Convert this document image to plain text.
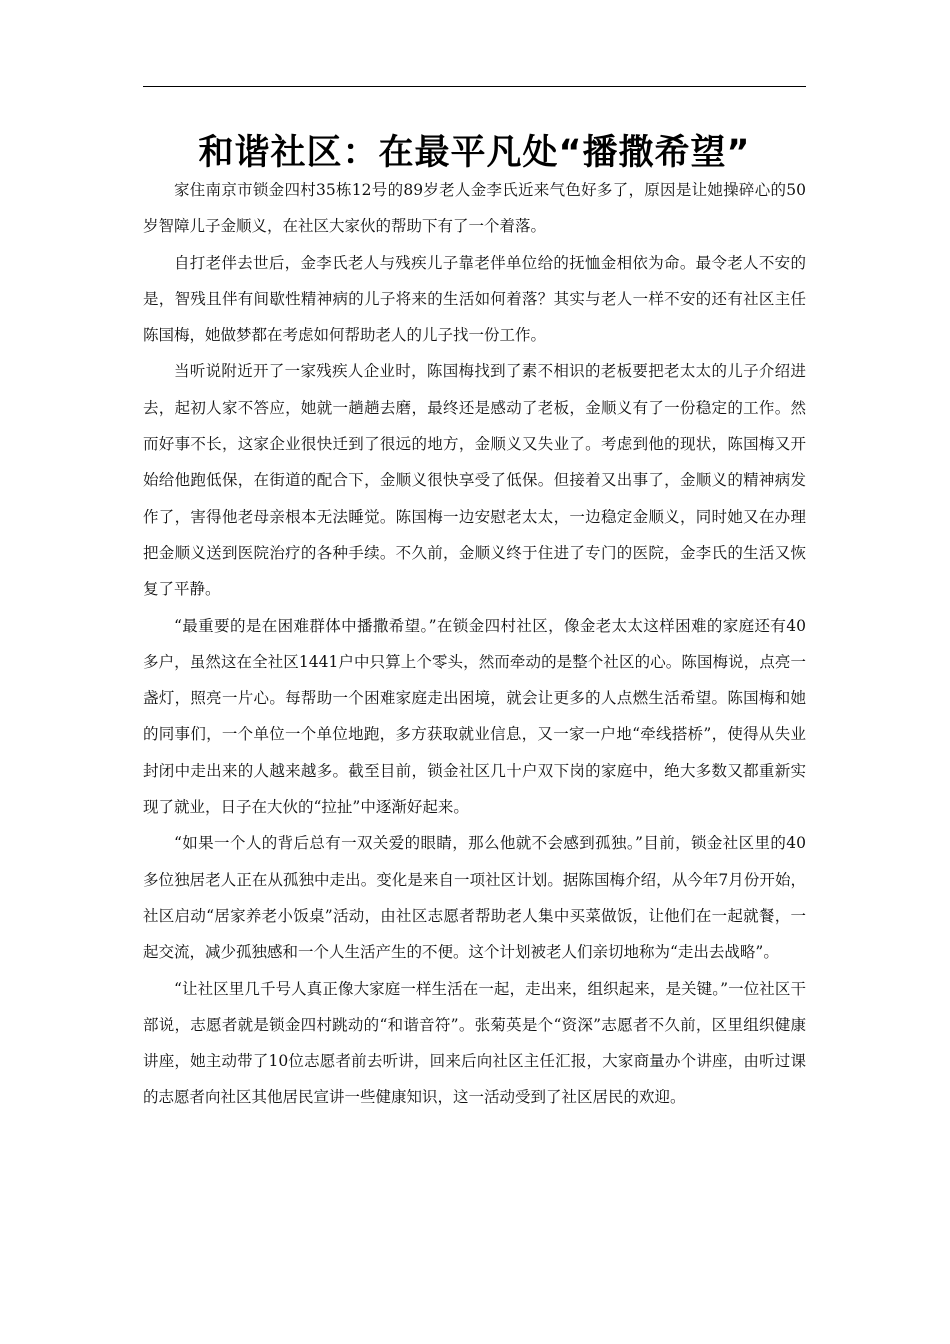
和谐社区：在最平凡处“播撒希望”

家住南京市锁金四村35栋12号的89岁老人金李氏近来气色好多了，原因是让她操碎心的50岁智障儿子金顺义，在社区大家伙的帮助下有了一个着落。

自打老伴去世后，金李氏老人与残疾儿子靠老伴单位给的抚恤金相依为命。最令老人不安的是，智残且伴有间歇性精神病的儿子将来的生活如何着落？其实与老人一样不安的还有社区主任陈国梅，她做梦都在考虑如何帮助老人的儿子找一份工作。

当听说附近开了一家残疾人企业时，陈国梅找到了素不相识的老板要把老太太的儿子介绍进去，起初人家不答应，她就一趟趟去磨，最终还是感动了老板，金顺义有了一份稳定的工作。然而好事不长，这家企业很快迁到了很远的地方，金顺义又失业了。考虑到他的现状，陈国梅又开始给他跑低保，在街道的配合下，金顺义很快享受了低保。但接着又出事了，金顺义的精神病发作了，害得他老母亲根本无法睡觉。陈国梅一边安慰老太太，一边稳定金顺义，同时她又在办理把金顺义送到医院治疗的各种手续。不久前，金顺义终于住进了专门的医院，金李氏的生活又恢复了平静。

“最重要的是在困难群体中播撒希望。”在锁金四村社区，像金老太太这样困难的家庭还有40多户，虽然这在全社区1441户中只算上个零头，然而牵动的是整个社区的心。陈国梅说，点亮一盏灯，照亮一片心。每帮助一个困难家庭走出困境，就会让更多的人点燃生活希望。陈国梅和她的同事们，一个单位一个单位地跑，多方获取就业信息，又一家一户地“牵线搭桥”，使得从失业封闭中走出来的人越来越多。截至目前，锁金社区几十户双下岗的家庭中，绝大多数又都重新实现了就业，日子在大伙的“拉扯”中逐渐好起来。

“如果一个人的背后总有一双关爱的眼睛，那么他就不会感到孤独。”目前，锁金社区里的40多位独居老人正在从孤独中走出。变化是来自一项社区计划。据陈国梅介绍，从今年7月份开始，社区启动“居家养老小饭桌”活动，由社区志愿者帮助老人集中买菜做饭，让他们在一起就餐，一起交流，减少孤独感和一个人生活产生的不便。这个计划被老人们亲切地称为“走出去战略”。

“让社区里几千号人真正像大家庭一样生活在一起，走出来，组织起来，是关键。”一位社区干部说，志愿者就是锁金四村跳动的“和谐音符”。张菊英是个“资深”志愿者不久前，区里组织健康讲座，她主动带了10位志愿者前去听讲，回来后向社区主任汇报，大家商量办个讲座，由听过课的志愿者向社区其他居民宣讲一些健康知识，这一活动受到了社区居民的欢迎。
